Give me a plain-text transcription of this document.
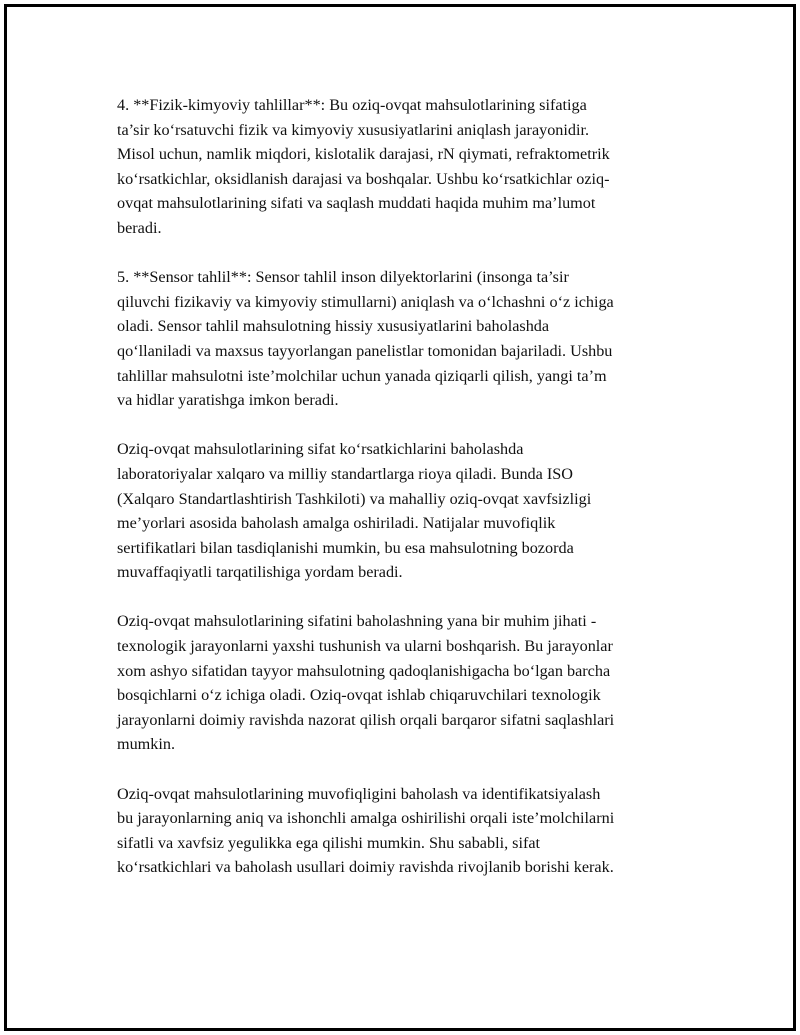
4. **Fizik-kimyoviy tahlillar**: Bu oziq-ovqat mahsulotlarining sifatiga
ta’sir ko‘rsatuvchi fizik va kimyoviy xususiyatlarini aniqlash jarayonidir.
Misol uchun, namlik miqdori, kislotalik darajasi, rN qiymati, refraktometrik
ko‘rsatkichlar, oksidlanish darajasi va boshqalar. Ushbu ko‘rsatkichlar oziq-
ovqat mahsulotlarining sifati va saqlash muddati haqida muhim ma’lumot
beradi.

5. **Sensor tahlil**: Sensor tahlil inson dilyektorlarini (insonga ta’sir
qiluvchi fizikaviy va kimyoviy stimullarni) aniqlash va o‘lchashni o‘z ichiga
oladi. Sensor tahlil mahsulotning hissiy xususiyatlarini baholashda
qo‘llaniladi va maxsus tayyorlangan panelistlar tomonidan bajariladi. Ushbu
tahlillar mahsulotni iste’molchilar uchun yanada qiziqarli qilish, yangi ta’m
va hidlar yaratishga imkon beradi.

Oziq-ovqat mahsulotlarining sifat ko‘rsatkichlarini baholashda
laboratoriyalar xalqaro va milliy standartlarga rioya qiladi. Bunda ISO
(Xalqaro Standartlashtirish Tashkiloti) va mahalliy oziq-ovqat xavfsizligi
me’yorlari asosida baholash amalga oshiriladi. Natijalar muvofiqlik
sertifikatlari bilan tasdiqlanishi mumkin, bu esa mahsulotning bozorda
muvaffaqiyatli tarqatilishiga yordam beradi.

Oziq-ovqat mahsulotlarining sifatini baholashning yana bir muhim jihati -
texnologik jarayonlarni yaxshi tushunish va ularni boshqarish. Bu jarayonlar
xom ashyo sifatidan tayyor mahsulotning qadoqlanishigacha bo‘lgan barcha
bosqichlarni o‘z ichiga oladi. Oziq-ovqat ishlab chiqaruvchilari texnologik
jarayonlarni doimiy ravishda nazorat qilish orqali barqaror sifatni saqlashlari
mumkin.

Oziq-ovqat mahsulotlarining muvofiqligini baholash va identifikatsiyalash
bu jarayonlarning aniq va ishonchli amalga oshirilishi orqali iste’molchilarni
sifatli va xavfsiz yegulikka ega qilishi mumkin. Shu sababli, sifat
ko‘rsatkichlari va baholash usullari doimiy ravishda rivojlanib borishi kerak.
